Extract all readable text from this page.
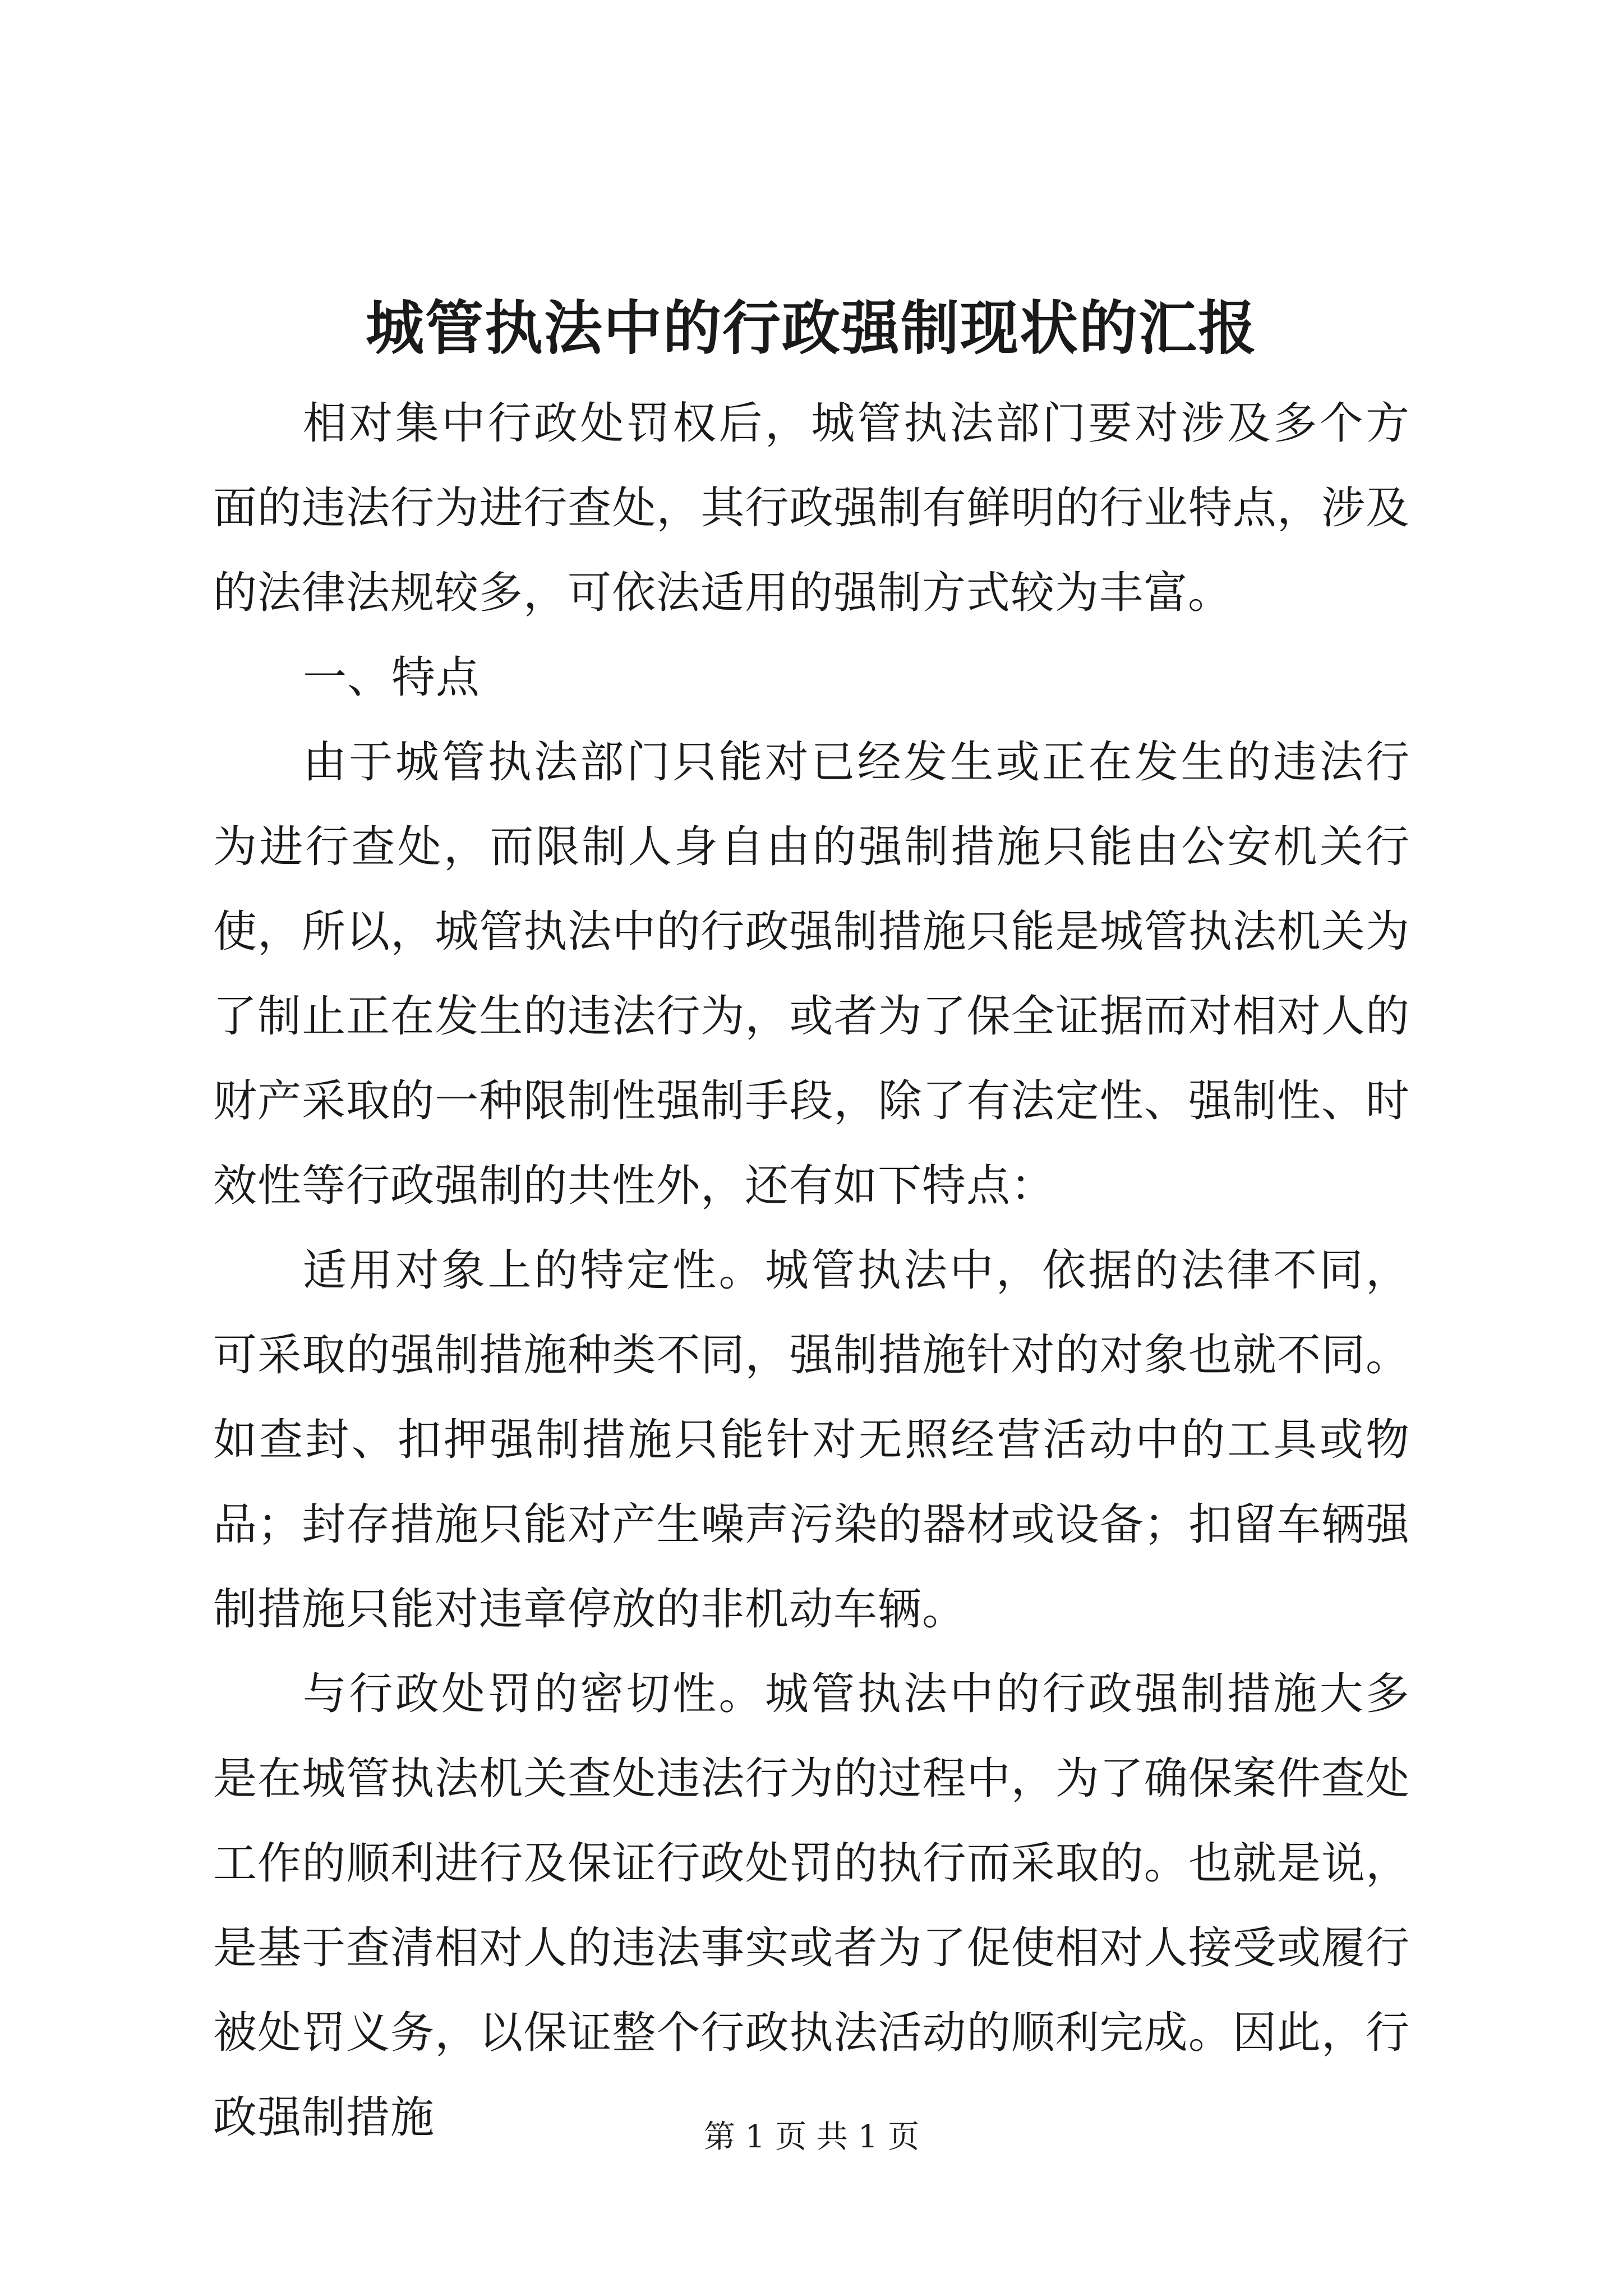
城管执法中的行政强制现状的汇报

相对集中行政处罚权后，城管执法部门要对涉及多个方面的违法行为进行查处，其行政强制有鲜明的行业特点，涉及的法律法规较多，可依法适用的强制方式较为丰富。

一、特点

由于城管执法部门只能对已经发生或正在发生的违法行为进行查处，而限制人身自由的强制措施只能由公安机关行使，所以，城管执法中的行政强制措施只能是城管执法机关为了制止正在发生的违法行为，或者为了保全证据而对相对人的财产采取的一种限制性强制手段，除了有法定性、强制性、时效性等行政强制的共性外，还有如下特点：

适用对象上的特定性。城管执法中，依据的法律不同，可采取的强制措施种类不同，强制措施针对的对象也就不同。如查封、扣押强制措施只能针对无照经营活动中的工具或物品；封存措施只能对产生噪声污染的器材或设备；扣留车辆强制措施只能对违章停放的非机动车辆。

与行政处罚的密切性。城管执法中的行政强制措施大多是在城管执法机关查处违法行为的过程中，为了确保案件查处工作的顺利进行及保证行政处罚的执行而采取的。也就是说，是基于查清相对人的违法事实或者为了促使相对人接受或履行被处罚义务，以保证整个行政执法活动的顺利完成。因此，行政强制措施	第 1 页 共 1 页
